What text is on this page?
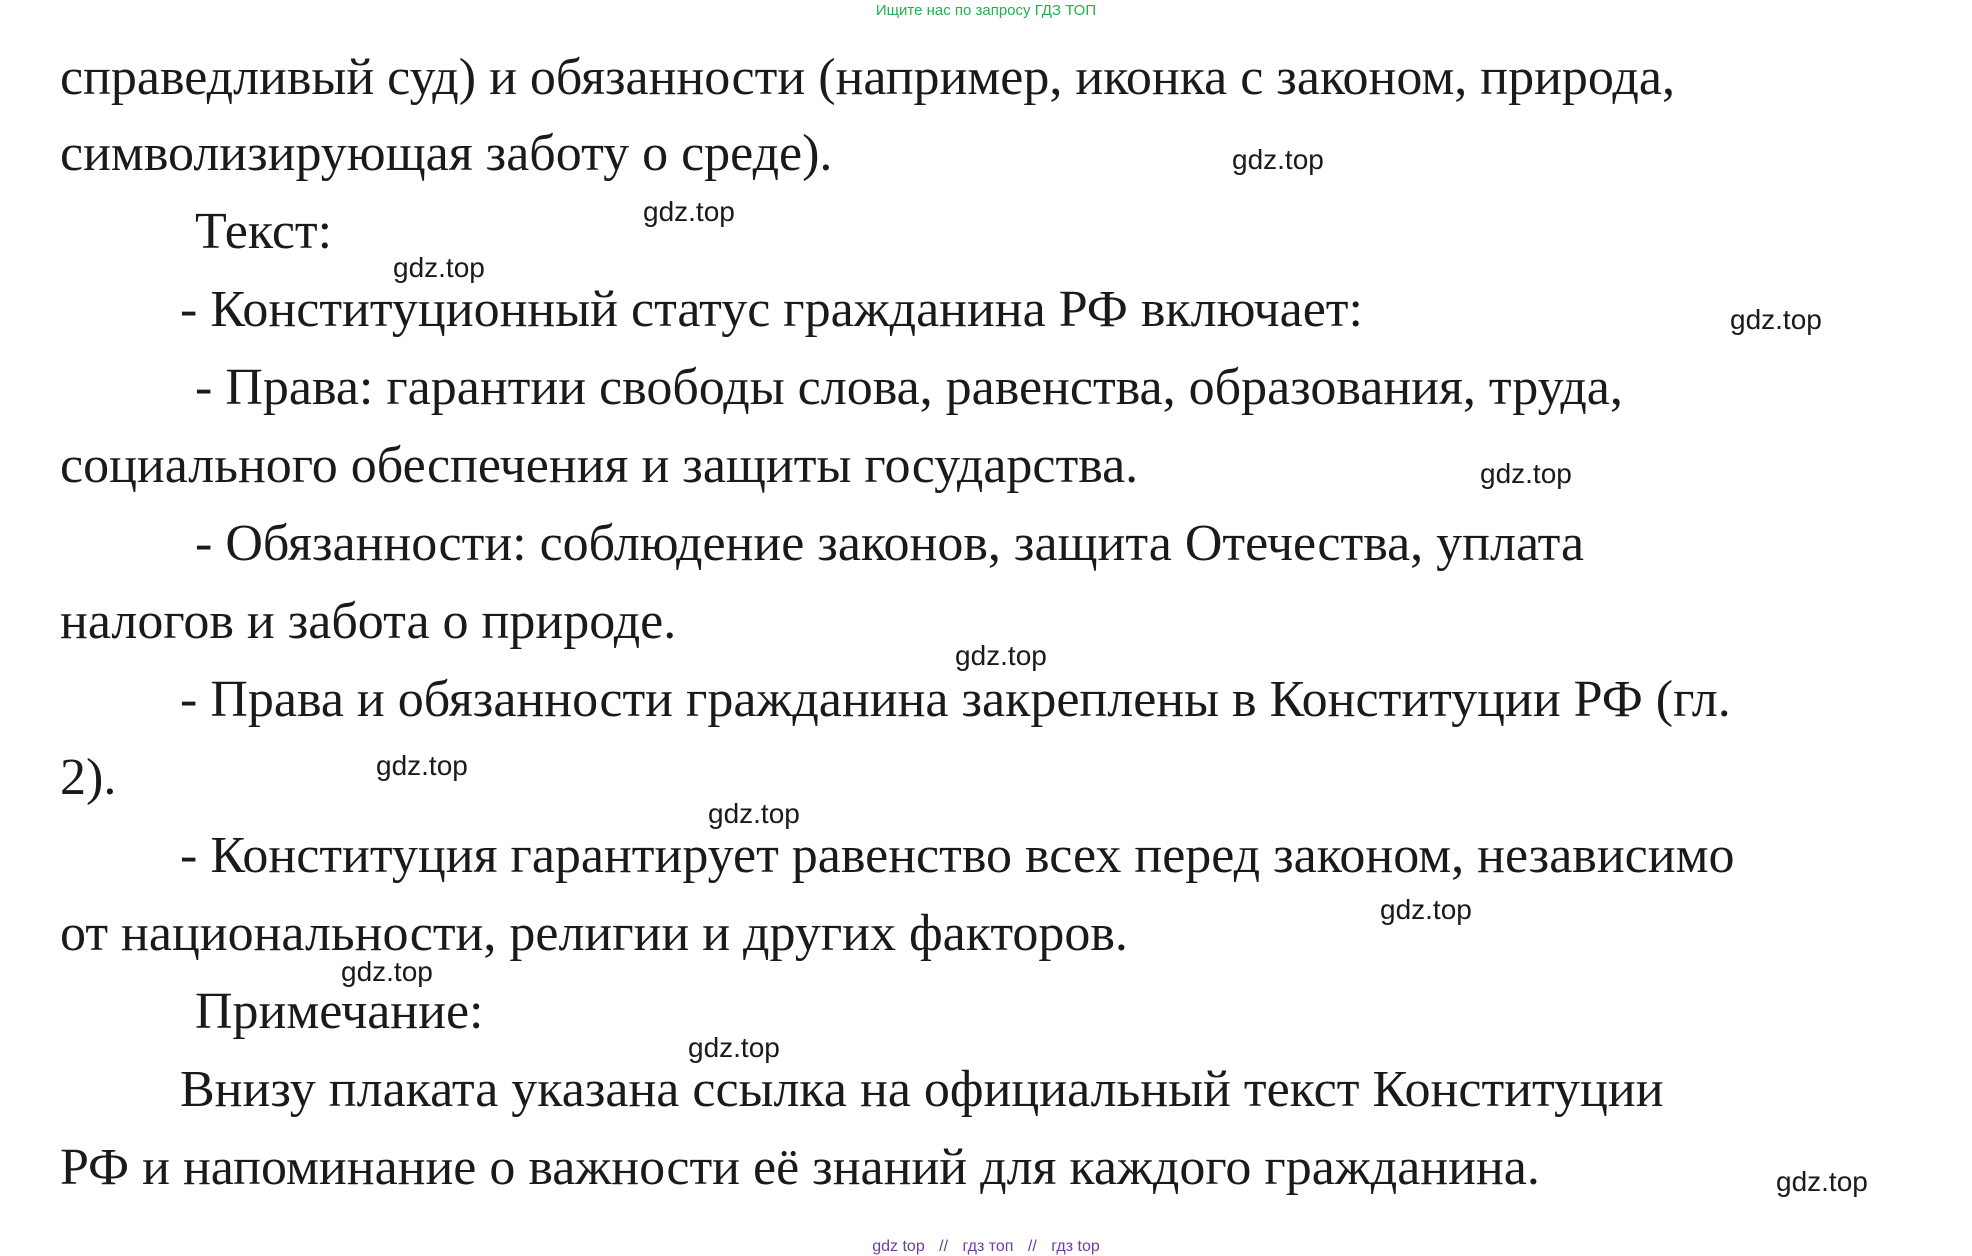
Ищите нас по запросу ГДЗ ТОП
справедливый суд) и обязанности (например, иконка с законом, природа,
символизирующая заботу о среде).
Текст:
- Конституционный статус гражданина РФ включает:
- Права: гарантии свободы слова, равенства, образования, труда,
социального обеспечения и защиты государства.
- Обязанности: соблюдение законов, защита Отечества, уплата
налогов и забота о природе.
- Права и обязанности гражданина закреплены в Конституции РФ (гл.
2).
- Конституция гарантирует равенство всех перед законом, независимо
от национальности, религии и других факторов.
Примечание:
Внизу плаката указана ссылка на официальный текст Конституции
РФ и напоминание о важности её знаний для каждого гражданина.
gdz.top
gdz.top
gdz.top
gdz.top
gdz.top
gdz.top
gdz.top
gdz.top
gdz.top
gdz.top
gdz.top
gdz.top
gdz top // гдз топ // гдз top
